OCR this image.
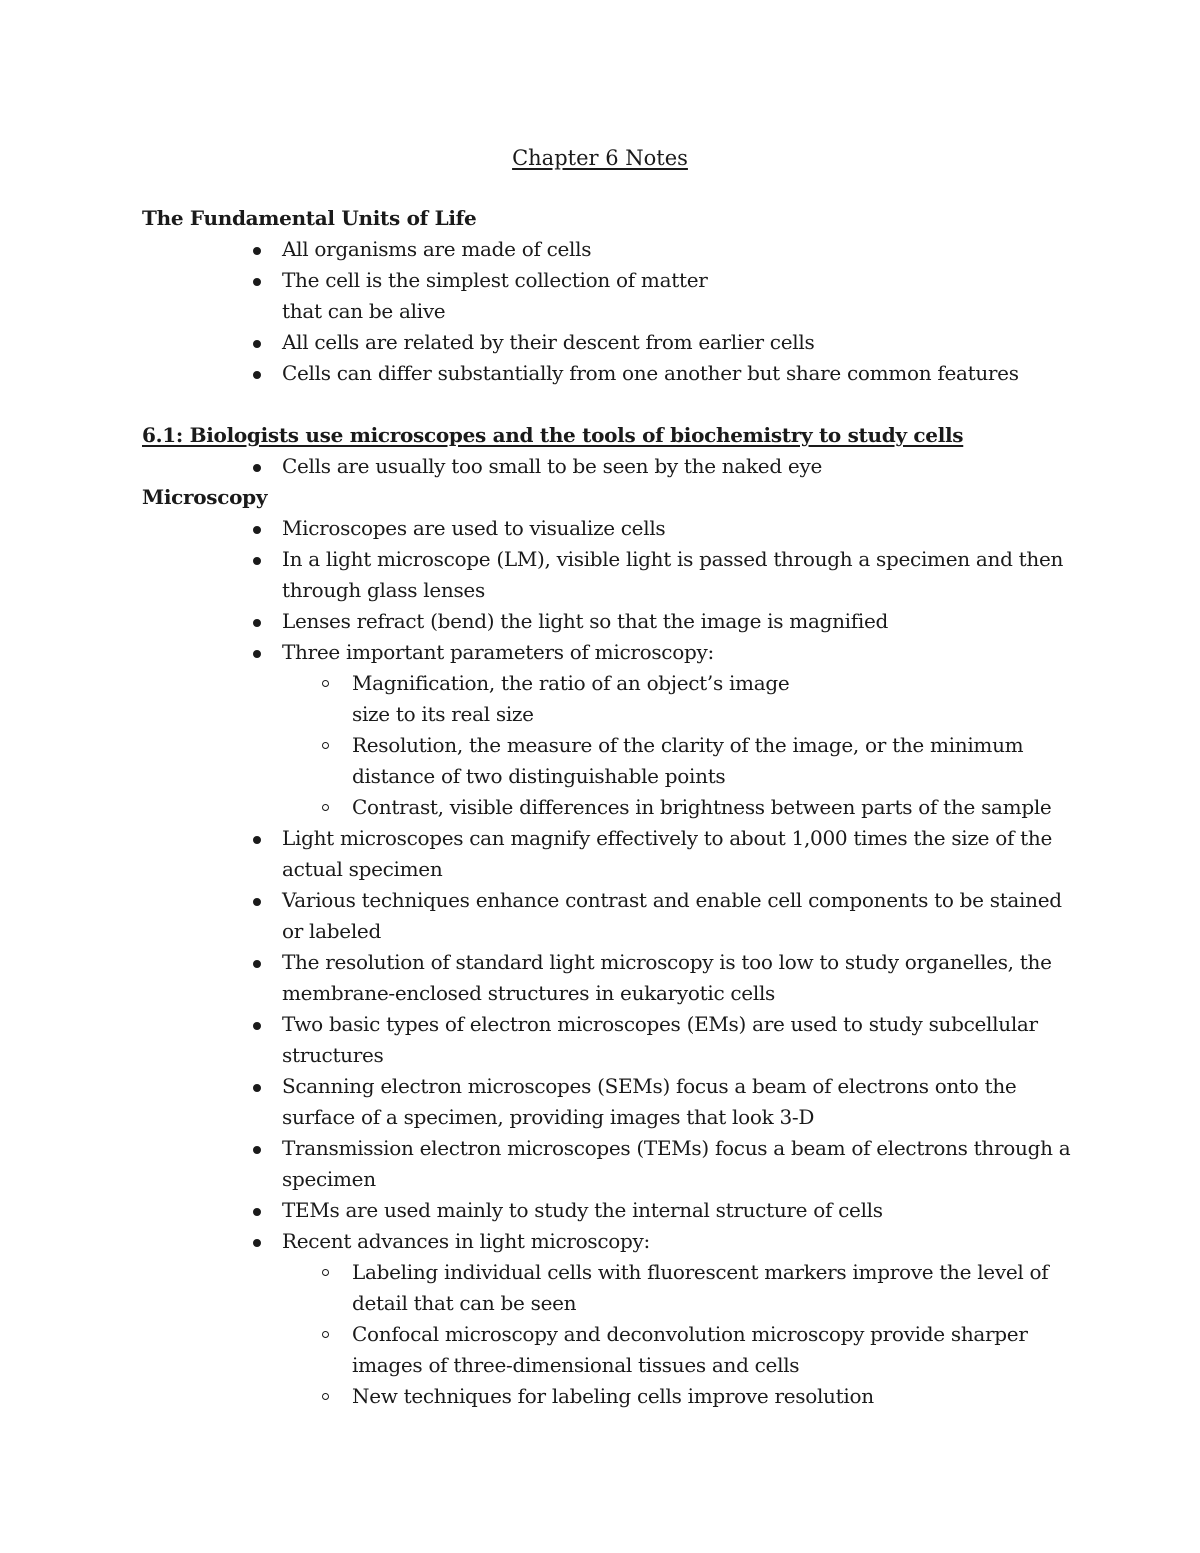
Chapter 6 Notes
The Fundamental Units of Life
All organisms are made of cells
The cell is the simplest collection of matter
that can be alive
All cells are related by their descent from earlier cells
Cells can differ substantially from one another but share common features
6.1: Biologists use microscopes and the tools of biochemistry to study cells
Cells are usually too small to be seen by the naked eye
Microscopy
Microscopes are used to visualize cells
In a light microscope (LM), visible light is passed through a specimen and then through glass lenses
Lenses refract (bend) the light so that the image is magnified
Three important parameters of microscopy:
Magnification, the ratio of an object’s image
size to its real size
Resolution, the measure of the clarity of the image, or the minimum distance of two distinguishable points
Contrast, visible differences in brightness between parts of the sample
Light microscopes can magnify effectively to about 1,000 times the size of the actual specimen
Various techniques enhance contrast and enable cell components to be stained or labeled
The resolution of standard light microscopy is too low to study organelles, the membrane-enclosed structures in eukaryotic cells
Two basic types of electron microscopes (EMs) are used to study subcellular structures
Scanning electron microscopes (SEMs) focus a beam of electrons onto the surface of a specimen, providing images that look 3-D
Transmission electron microscopes (TEMs) focus a beam of electrons through a specimen
TEMs are used mainly to study the internal structure of cells
Recent advances in light microscopy:
Labeling individual cells with fluorescent markers improve the level of detail that can be seen
Confocal microscopy and deconvolution microscopy provide sharper images of three-dimensional tissues and cells
New techniques for labeling cells improve resolution
